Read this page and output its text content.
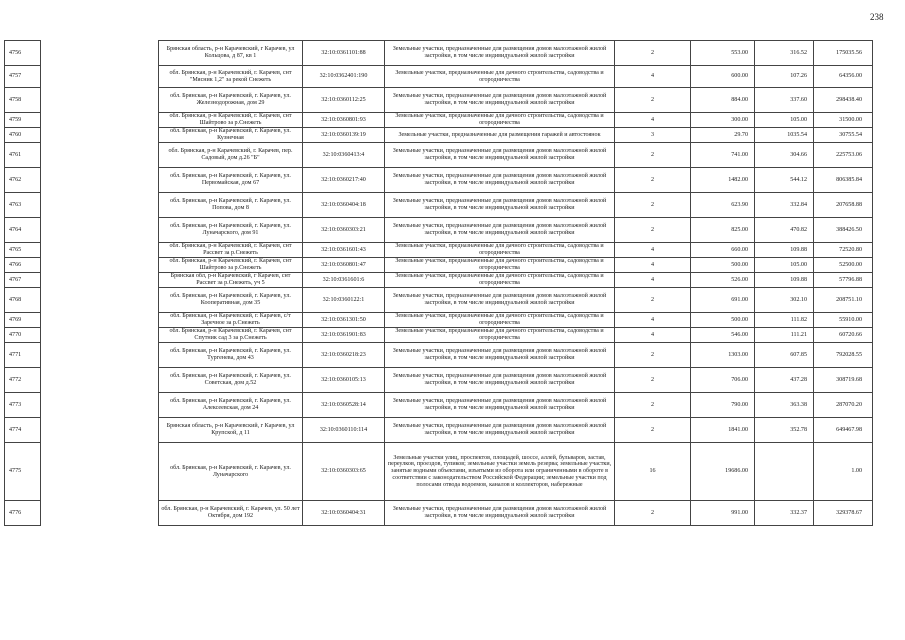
238
4756		Брянская область, р-н Карачевский, г Карачев, ул Кольцова, д 87, кв 1	32:10:0361101:88	Земельные участки, предназначенные для размещения домов малоэтажной жилой застройки, в том числе индивидуальной жилой застройки	2	553.00	316.52	175035.56
4757		обл. Брянская, р-н Карачевский, г. Карачев, снт "Мясник 1,2" за рекой Снежеть	32:10:0362401:190	Земельные участки, предназначенные для дачного строительства, садоводства и огородничества	4	600.00	107.26	64356.00
4758		обл. Брянская, р-н Карачевский, г. Карачев, ул. Железнодорожная, дом 29	32:10:0360112:25	Земельные участки, предназначенные для размещения домов малоэтажной жилой застройки, в том числе индивидуальной жилой застройки	2	884.00	337.60	298438.40
4759		обл. Брянская, р-н Карачевский, г. Карачев, снт Шайтрово за р.Снежеть	32:10:0360801:93	Земельные участки, предназначенные для дачного строительства, садоводства и огородничества	4	300.00	105.00	31500.00
4760		обл. Брянская, р-н Карачевский, г. Карачев, ул. Кузнечная	32:10:0360139:19	Земельные участки, предназначенные для размещения гаражей и автостоянок	3	29.70	1035.54	30755.54
4761		обл. Брянская, р-н Карачевский, г. Карачев, пер. Садовый, дом д.26 "Б"	32:10:0360413:4	Земельные участки, предназначенные для размещения домов малоэтажной жилой застройки, в том числе индивидуальной жилой застройки	2	741.00	304.66	225753.06
4762		обл. Брянская, р-н Карачевский, г. Карачев, ул. Первомайская, дом 67	32:10:0360217:40	Земельные участки, предназначенные для размещения домов малоэтажной жилой застройки, в том числе индивидуальной жилой застройки	2	1482.00	544.12	806385.84
4763		обл. Брянская, р-н Карачевский, г. Карачев, ул. Попова, дом 8	32:10:0360404:18	Земельные участки, предназначенные для размещения домов малоэтажной жилой застройки, в том числе индивидуальной жилой застройки	2	623.90	332.84	207658.88
4764		обл. Брянская, р-н Карачевский, г. Карачев, ул. Луначарского, дом 91	32:10:0360303:21	Земельные участки, предназначенные для размещения домов малоэтажной жилой застройки, в том числе индивидуальной жилой застройки	2	825.00	470.82	388426.50
4765		обл. Брянская, р-н Карачевский, г. Карачев, снт Рассвет за р.Снежеть	32:10:0361601:43	Земельные участки, предназначенные для дачного строительства, садоводства и огородничества	4	660.00	109.88	72520.80
4766		обл. Брянская, р-н Карачевский, г. Карачев, снт Шайтрово за р.Снежеть	32:10:0360801:47	Земельные участки, предназначенные для дачного строительства, садоводства и огородничества	4	500.00	105.00	52500.00
4767		Брянская обл, р-н Карачевский, г Карачев, снт Рассвет за р.Снежеть, уч 5	32:10:0361601:6	Земельные участки, предназначенные для дачного строительства, садоводства и огородничества	4	526.00	109.88	57796.88
4768		обл. Брянская, р-н Карачевский, г. Карачев, ул. Кооперативная, дом 35	32:10:0360122:1	Земельные участки, предназначенные для размещения домов малоэтажной жилой застройки, в том числе индивидуальной жилой застройки	2	691.00	302.10	208751.10
4769		обл. Брянская, р-н Карачевский, г. Карачев, с/т Заречное за р.Снежеть	32:10:0361301:50	Земельные участки, предназначенные для дачного строительства, садоводства и огородничества	4	500.00	111.82	55910.00
4770		обл. Брянская, р-н Карачевский, г. Карачев, снт Спутник сад 3 за р.Снежеть	32:10:0361901:83	Земельные участки, предназначенные для дачного строительства, садоводства и огородничества	4	546.00	111.21	60720.66
4771		обл. Брянская, р-н Карачевский, г. Карачев, ул. Тургенева, дом 43	32:10:0360218:23	Земельные участки, предназначенные для размещения домов малоэтажной жилой застройки, в том числе индивидуальной жилой застройки	2	1303.00	607.85	792028.55
4772		обл. Брянская, р-н Карачевский, г. Карачев, ул. Советская, дом д.52	32:10:0360105:13	Земельные участки, предназначенные для размещения домов малоэтажной жилой застройки, в том числе индивидуальной жилой застройки	2	706.00	437.28	308719.68
4773		обл. Брянская, р-н Карачевский, г. Карачев, ул. Алексеевская, дом 24	32:10:0360528:14	Земельные участки, предназначенные для размещения домов малоэтажной жилой застройки, в том числе индивидуальной жилой застройки	2	790.00	363.38	287070.20
4774		Брянская область, р-н Карачевский, г Карачев, ул Крупской, д 11	32:10:0360110:114	Земельные участки, предназначенные для размещения домов малоэтажной жилой застройки, в том числе индивидуальной жилой застройки	2	1841.00	352.78	649467.98
4775		обл. Брянская, р-н Карачевский, г. Карачев, ул. Луначарского	32:10:0360303:65	Земельные участки улиц, проспектов, площадей, шоссе, аллей, бульваров, застав, переулков, проездов, тупиков; земельные участки земель резерва; земельные участки, занятые водными объектами, изъятыми из оборота или ограниченными в обороте в соответствии с законодательством Российской Федерации; земельные участки под полосами отвода водоемов, каналов и коллекторов, набережные	16	19686.00		1.00
4776		обл. Брянская, р-н Карачевский, г. Карачев, ул. 50 лет Октября, дом 192	32:10:0360404:31	Земельные участки, предназначенные для размещения домов малоэтажной жилой застройки, в том числе индивидуальной жилой застройки	2	991.00	332.37	329378.67
